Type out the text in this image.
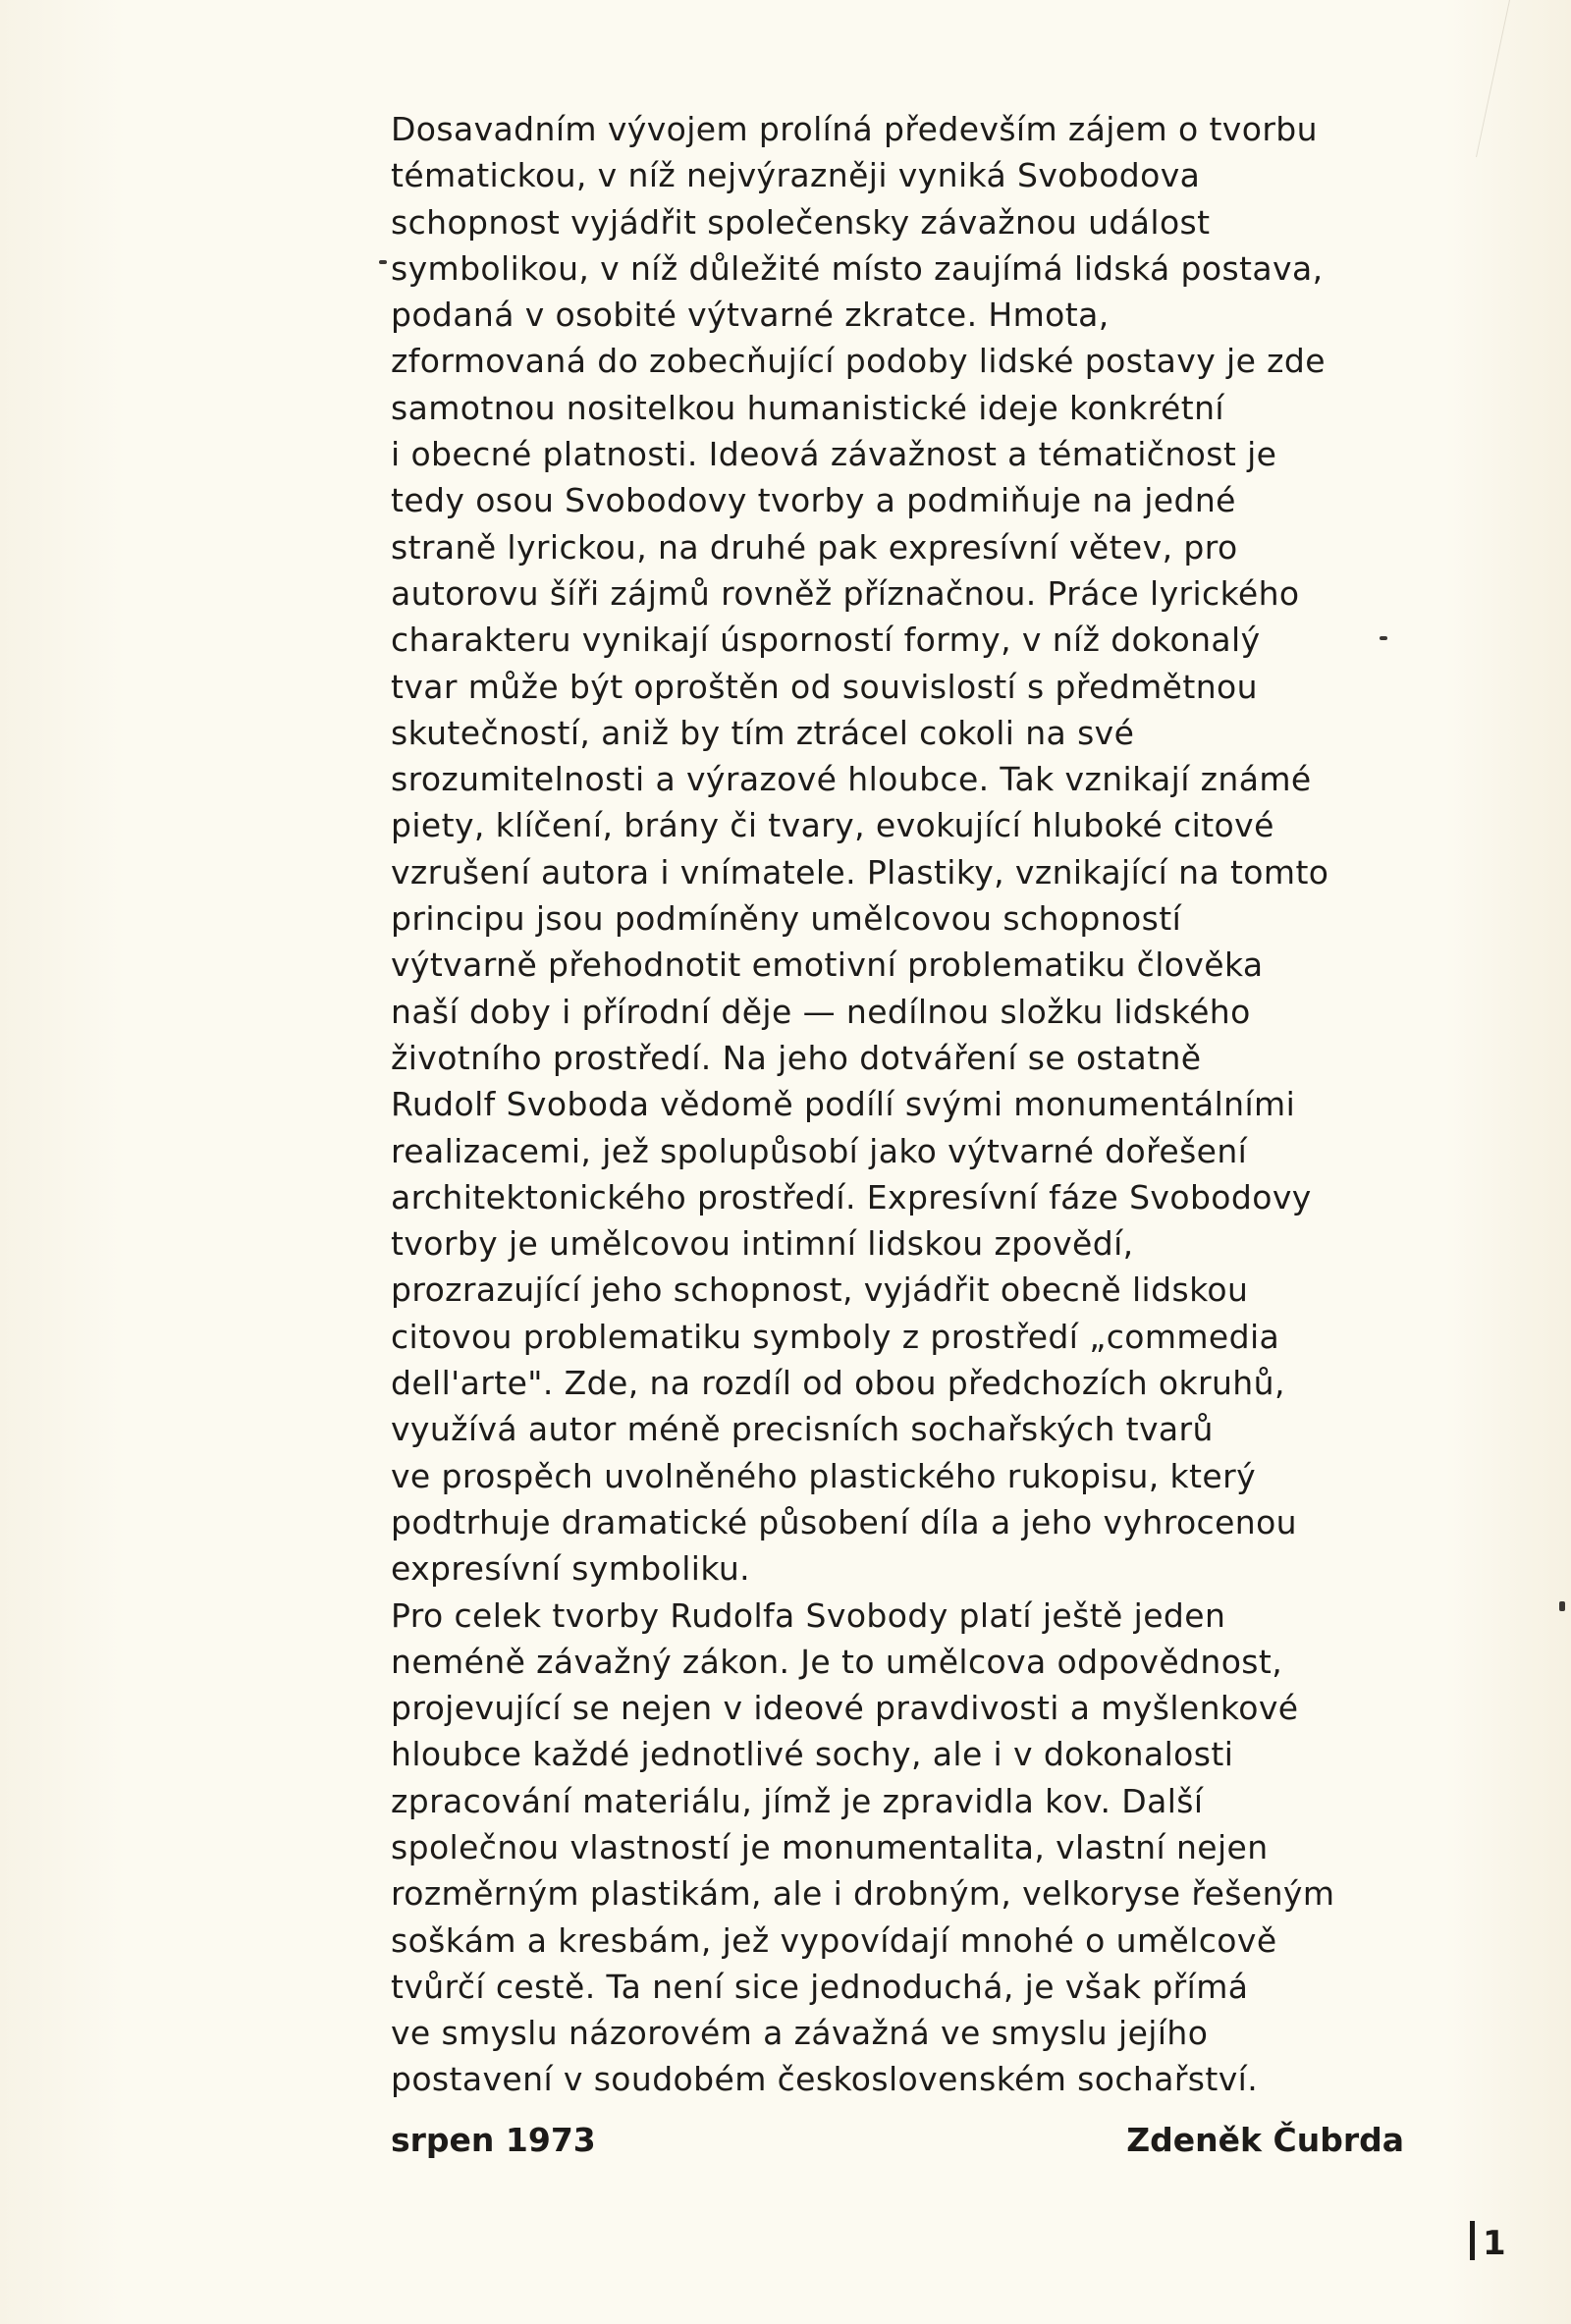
Dosavadním vývojem prolíná především zájem o tvorbu
tématickou, v níž nejvýrazněji vyniká Svobodova
schopnost vyjádřit společensky závažnou událost
symbolikou, v níž důležité místo zaujímá lidská postava,
podaná v osobité výtvarné zkratce. Hmota,
zformovaná do zobecňující podoby lidské postavy je zde
samotnou nositelkou humanistické ideje konkrétní
i obecné platnosti. Ideová závažnost a tématičnost je
tedy osou Svobodovy tvorby a podmiňuje na jedné
straně lyrickou, na druhé pak expresívní větev, pro
autorovu šíři zájmů rovněž příznačnou. Práce lyrického
charakteru vynikají úsporností formy, v níž dokonalý
tvar může být oproštěn od souvislostí s předmětnou
skutečností, aniž by tím ztrácel cokoli na své
srozumitelnosti a výrazové hloubce. Tak vznikají známé
piety, klíčení, brány či tvary, evokující hluboké citové
vzrušení autora i vnímatele. Plastiky, vznikající na tomto
principu jsou podmíněny umělcovou schopností
výtvarně přehodnotit emotivní problematiku člověka
naší doby i přírodní děje — nedílnou složku lidského
životního prostředí. Na jeho dotváření se ostatně
Rudolf Svoboda vědomě podílí svými monumentálními
realizacemi, jež spolupůsobí jako výtvarné dořešení
architektonického prostředí. Expresívní fáze Svobodovy
tvorby je umělcovou intimní lidskou zpovědí,
prozrazující jeho schopnost, vyjádřit obecně lidskou
citovou problematiku symboly z prostředí „commedia
dell'arte". Zde, na rozdíl od obou předchozích okruhů,
využívá autor méně precisních sochařských tvarů
ve prospěch uvolněného plastického rukopisu, který
podtrhuje dramatické působení díla a jeho vyhrocenou
expresívní symboliku.
Pro celek tvorby Rudolfa Svobody platí ještě jeden
neméně závažný zákon. Je to umělcova odpovědnost,
projevující se nejen v ideové pravdivosti a myšlenkové
hloubce každé jednotlivé sochy, ale i v dokonalosti
zpracování materiálu, jímž je zpravidla kov. Další
společnou vlastností je monumentalita, vlastní nejen
rozměrným plastikám, ale i drobným, velkoryse řešeným
soškám a kresbám, jež vypovídají mnohé o umělcově
tvůrčí cestě. Ta není sice jednoduchá, je však přímá
ve smyslu názorovém a závažná ve smyslu jejího
postavení v soudobém československém sochařství.
srpen 1973	Zdeněk Čubrda
1
